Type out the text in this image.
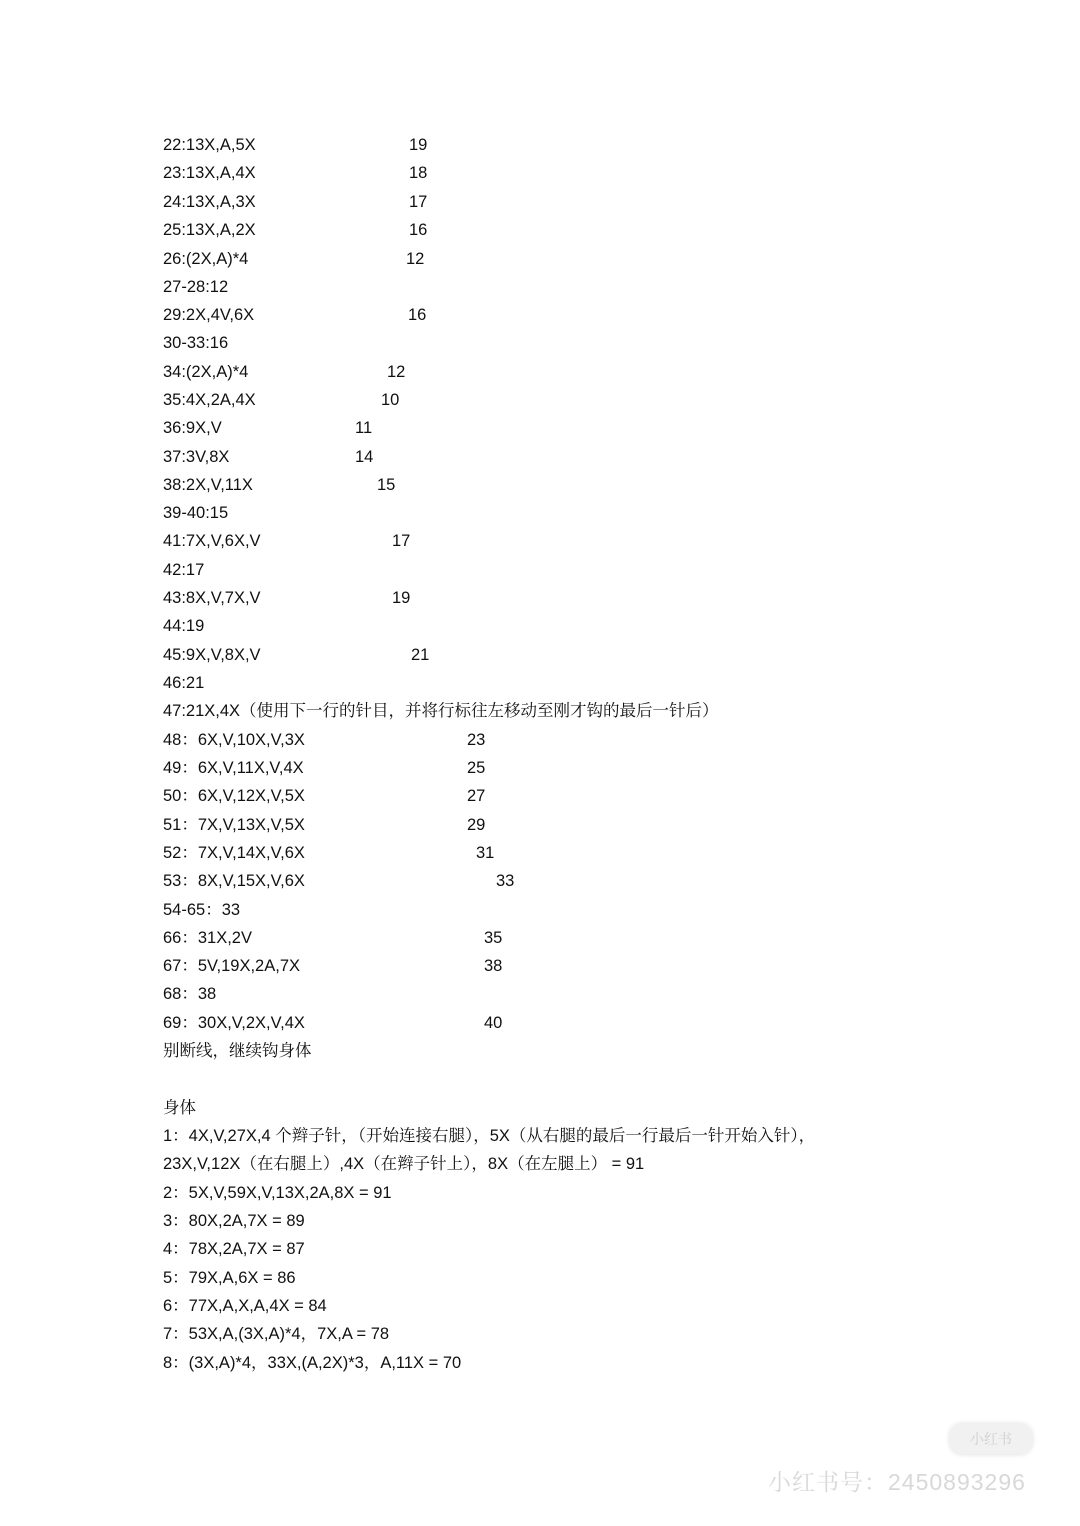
22:13X,A,5X	19
23:13X,A,4X	18
24:13X,A,3X	17
25:13X,A,2X	16
26:(2X,A)*4	12
27-28:12
29:2X,4V,6X	16
30-33:16
34:(2X,A)*4	12
35:4X,2A,4X	10
36:9X,V	11
37:3V,8X	14
38:2X,V,11X	15
39-40:15
41:7X,V,6X,V	17
42:17
43:8X,V,7X,V	19
44:19
45:9X,V,8X,V	21
46:21
47:21X,4X（使用下一行的针目，并将行标往左移动至刚才钩的最后一针后）
48：6X,V,10X,V,3X	23
49：6X,V,11X,V,4X	25
50：6X,V,12X,V,5X	27
51：7X,V,13X,V,5X	29
52：7X,V,14X,V,6X	31
53：8X,V,15X,V,6X	33
54-65：33
66：31X,2V	35
67：5V,19X,2A,7X	38
68：38
69：30X,V,2X,V,4X	40
别断线，继续钩身体
身体
1：4X,V,27X,4 个辫子针，（开始连接右腿），5X（从右腿的最后一行最后一针开始入针），
23X,V,12X（在右腿上）,4X（在辫子针上），8X（在左腿上） = 91
2：5X,V,59X,V,13X,2A,8X = 91
3：80X,2A,7X = 89
4：78X,2A,7X = 87
5：79X,A,6X = 86
6：77X,A,X,A,4X = 84
7：53X,A,(3X,A)*4，7X,A = 78
8：(3X,A)*4，33X,(A,2X)*3，A,11X = 70
小红书
小红书号：2450893296
